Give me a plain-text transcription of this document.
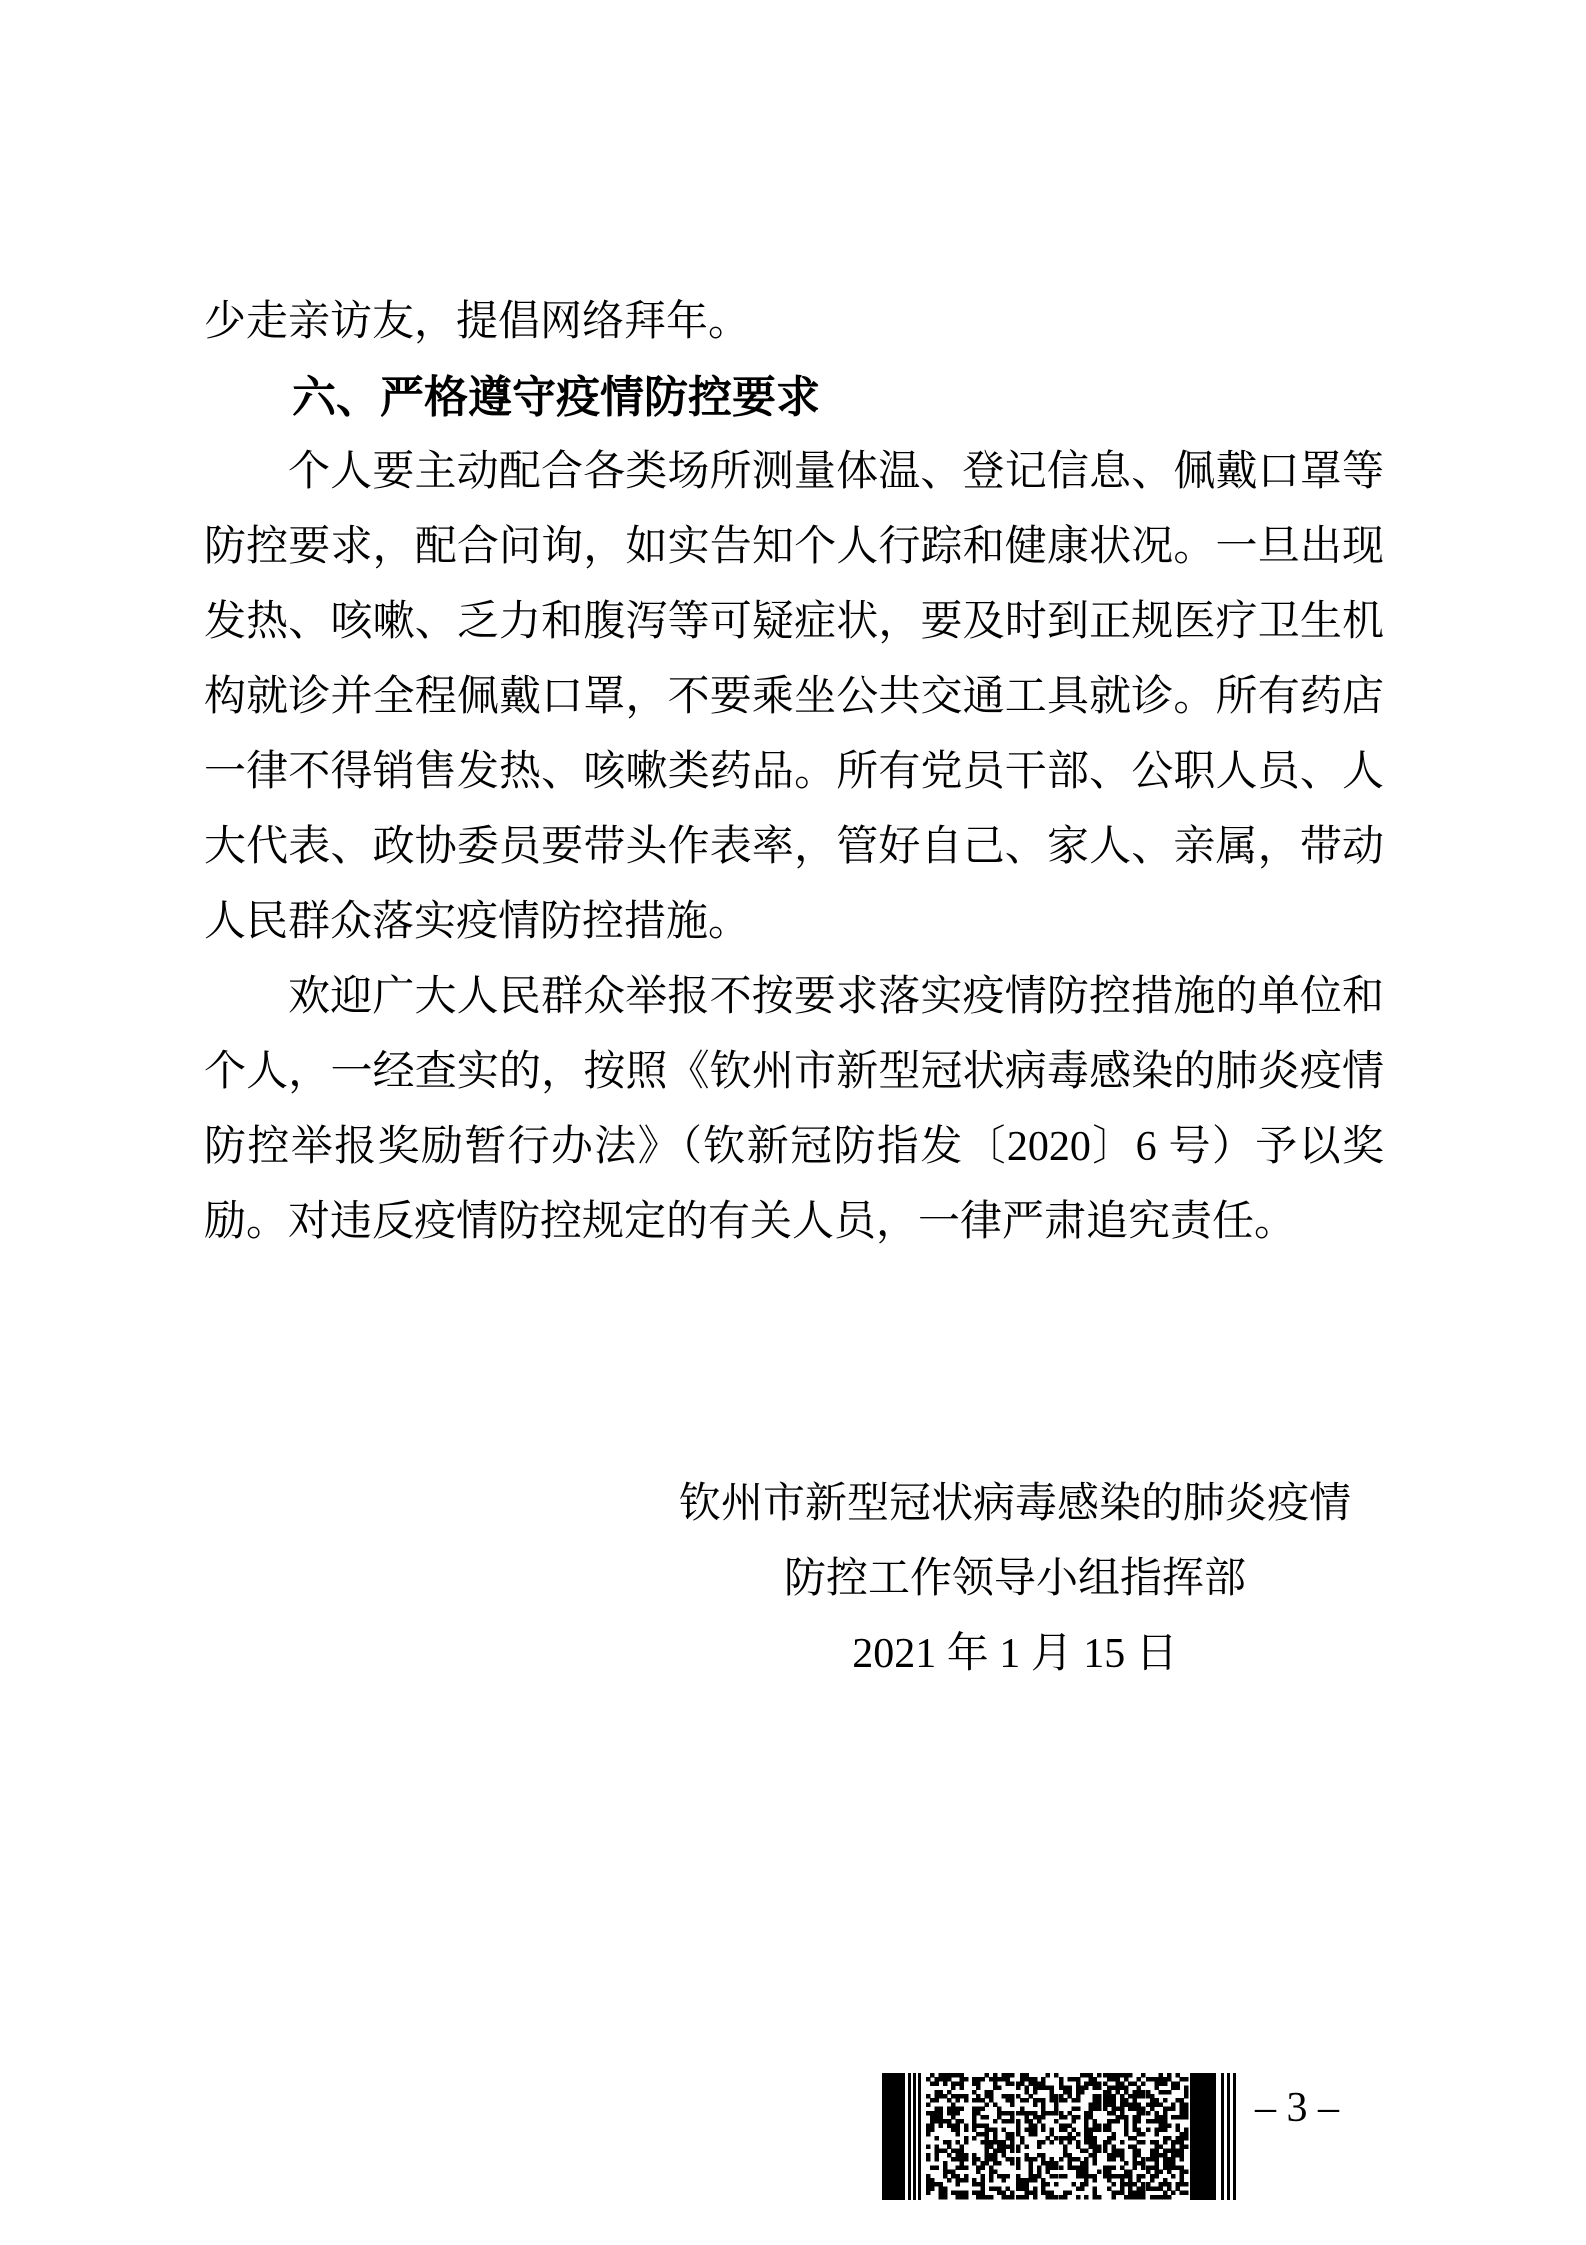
少走亲访友，提倡网络拜年。

六、严格遵守疫情防控要求

个人要主动配合各类场所测量体温、登记信息、佩戴口罩等防控要求，配合问询，如实告知个人行踪和健康状况。一旦出现发热、咳嗽、乏力和腹泻等可疑症状，要及时到正规医疗卫生机构就诊并全程佩戴口罩，不要乘坐公共交通工具就诊。所有药店一律不得销售发热、咳嗽类药品。所有党员干部、公职人员、人大代表、政协委员要带头作表率，管好自己、家人、亲属，带动人民群众落实疫情防控措施。

欢迎广大人民群众举报不按要求落实疫情防控措施的单位和个人，一经查实的，按照《钦州市新型冠状病毒感染的肺炎疫情防控举报奖励暂行办法》（钦新冠防指发〔2020〕6 号）予以奖励。对违反疫情防控规定的有关人员，一律严肃追究责任。

钦州市新型冠状病毒感染的肺炎疫情
防控工作领导小组指挥部
2021 年 1 月 15 日
– 3 –
